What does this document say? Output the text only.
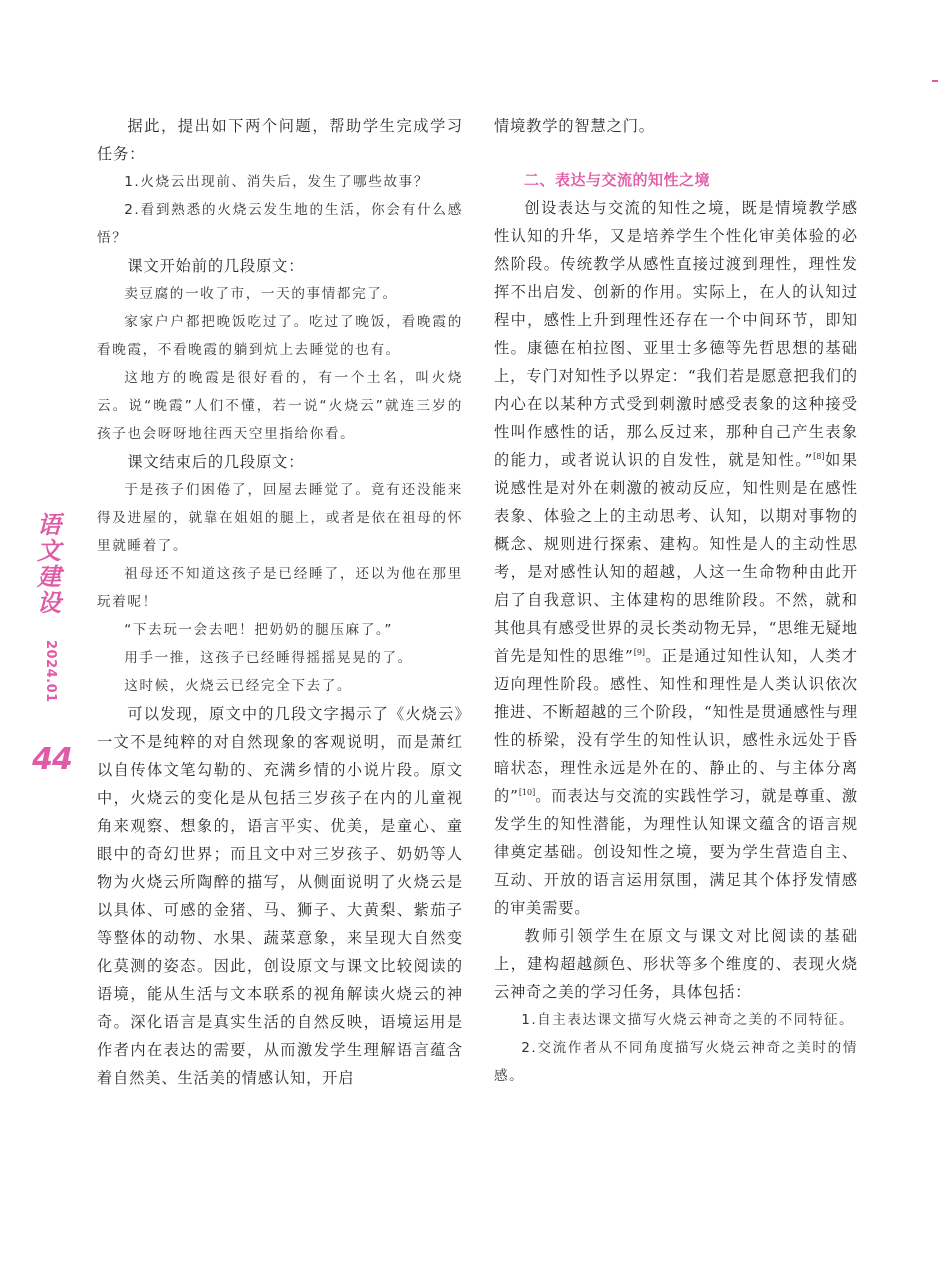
语
文
建
设
2024.01
44

据此，提出如下两个问题，帮助学生完成学习任务：

1.火烧云出现前、消失后，发生了哪些故事？

2.看到熟悉的火烧云发生地的生活，你会有什么感悟？

课文开始前的几段原文：

卖豆腐的一收了市，一天的事情都完了。

家家户户都把晚饭吃过了。吃过了晚饭，看晚霞的看晚霞，不看晚霞的躺到炕上去睡觉的也有。

这地方的晚霞是很好看的，有一个土名，叫火烧云。说“晚霞”人们不懂，若一说“火烧云”就连三岁的孩子也会呀呀地往西天空里指给你看。

课文结束后的几段原文：

于是孩子们困倦了，回屋去睡觉了。竟有还没能来得及进屋的，就靠在姐姐的腿上，或者是依在祖母的怀里就睡着了。

祖母还不知道这孩子是已经睡了，还以为他在那里玩着呢！

“下去玩一会去吧！把奶奶的腿压麻了。”

用手一推，这孩子已经睡得摇摇晃晃的了。

这时候，火烧云已经完全下去了。

可以发现，原文中的几段文字揭示了《火烧云》一文不是纯粹的对自然现象的客观说明，而是萧红以自传体文笔勾勒的、充满乡情的小说片段。原文中，火烧云的变化是从包括三岁孩子在内的儿童视角来观察、想象的，语言平实、优美，是童心、童眼中的奇幻世界；而且文中对三岁孩子、奶奶等人物为火烧云所陶醉的描写，从侧面说明了火烧云是以具体、可感的金猪、马、狮子、大黄梨、紫茄子等整体的动物、水果、蔬菜意象，来呈现大自然变化莫测的姿态。因此，创设原文与课文比较阅读的语境，能从生活与文本联系的视角解读火烧云的神奇。深化语言是真实生活的自然反映，语境运用是作者内在表达的需要，从而激发学生理解语言蕴含着自然美、生活美的情感认知，开启

情境教学的智慧之门。

二、表达与交流的知性之境

创设表达与交流的知性之境，既是情境教学感性认知的升华，又是培养学生个性化审美体验的必然阶段。传统教学从感性直接过渡到理性，理性发挥不出启发、创新的作用。实际上，在人的认知过程中，感性上升到理性还存在一个中间环节，即知性。康德在柏拉图、亚里士多德等先哲思想的基础上，专门对知性予以界定：“我们若是愿意把我们的内心在以某种方式受到刺激时感受表象的这种接受性叫作感性的话，那么反过来，那种自己产生表象的能力，或者说认识的自发性，就是知性。”[8]如果说感性是对外在刺激的被动反应，知性则是在感性表象、体验之上的主动思考、认知，以期对事物的概念、规则进行探索、建构。知性是人的主动性思考，是对感性认知的超越，人这一生命物种由此开启了自我意识、主体建构的思维阶段。不然，就和其他具有感受世界的灵长类动物无异，“思维无疑地首先是知性的思维”[9]。正是通过知性认知，人类才迈向理性阶段。感性、知性和理性是人类认识依次推进、不断超越的三个阶段，“知性是贯通感性与理性的桥梁，没有学生的知性认识，感性永远处于昏暗状态，理性永远是外在的、静止的、与主体分离的”[10]。而表达与交流的实践性学习，就是尊重、激发学生的知性潜能，为理性认知课文蕴含的语言规律奠定基础。创设知性之境，要为学生营造自主、互动、开放的语言运用氛围，满足其个体抒发情感的审美需要。

教师引领学生在原文与课文对比阅读的基础上，建构超越颜色、形状等多个维度的、表现火烧云神奇之美的学习任务，具体包括：

1.自主表达课文描写火烧云神奇之美的不同特征。

2.交流作者从不同角度描写火烧云神奇之美时的情感。
